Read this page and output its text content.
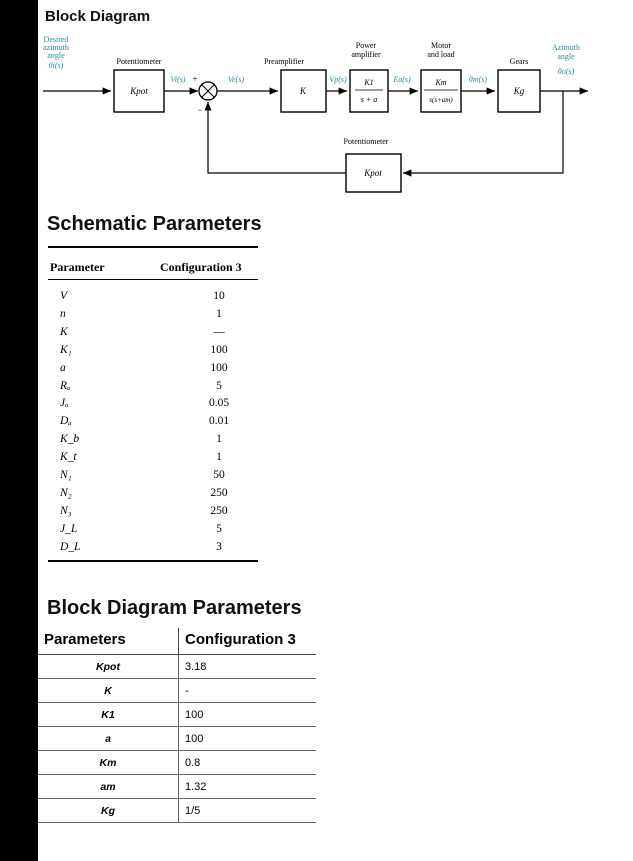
Block Diagram
Desired
azimuth
angle
θi(s)	Potentiometer
Kpot
Vi(s) +
−
Ve(s)
Preamplifier
K
Vp(s)
Power
amplifier
K1
s + a
Ea(s)
Motor
and load
Km
s(s+am)
θm(s)
Gears
Kg
Azimuth
angle
θo(s)
Potentiometer
Kpot
Schematic Parameters
Parameter	Configuration 3
V	10
n	1
K	—
K₁	100
a	100
Rₐ	5
Jₐ	0.05
Dₐ	0.01
K_b	1
K_t	1
N₁	50
N₂	250
N₃	250
J_L	5
D_L	3
Block Diagram Parameters
Parameters	Configuration 3
Kpot	3.18
K	-
K1	100
a	100
Km	0.8
am	1.32
Kg	1/5
